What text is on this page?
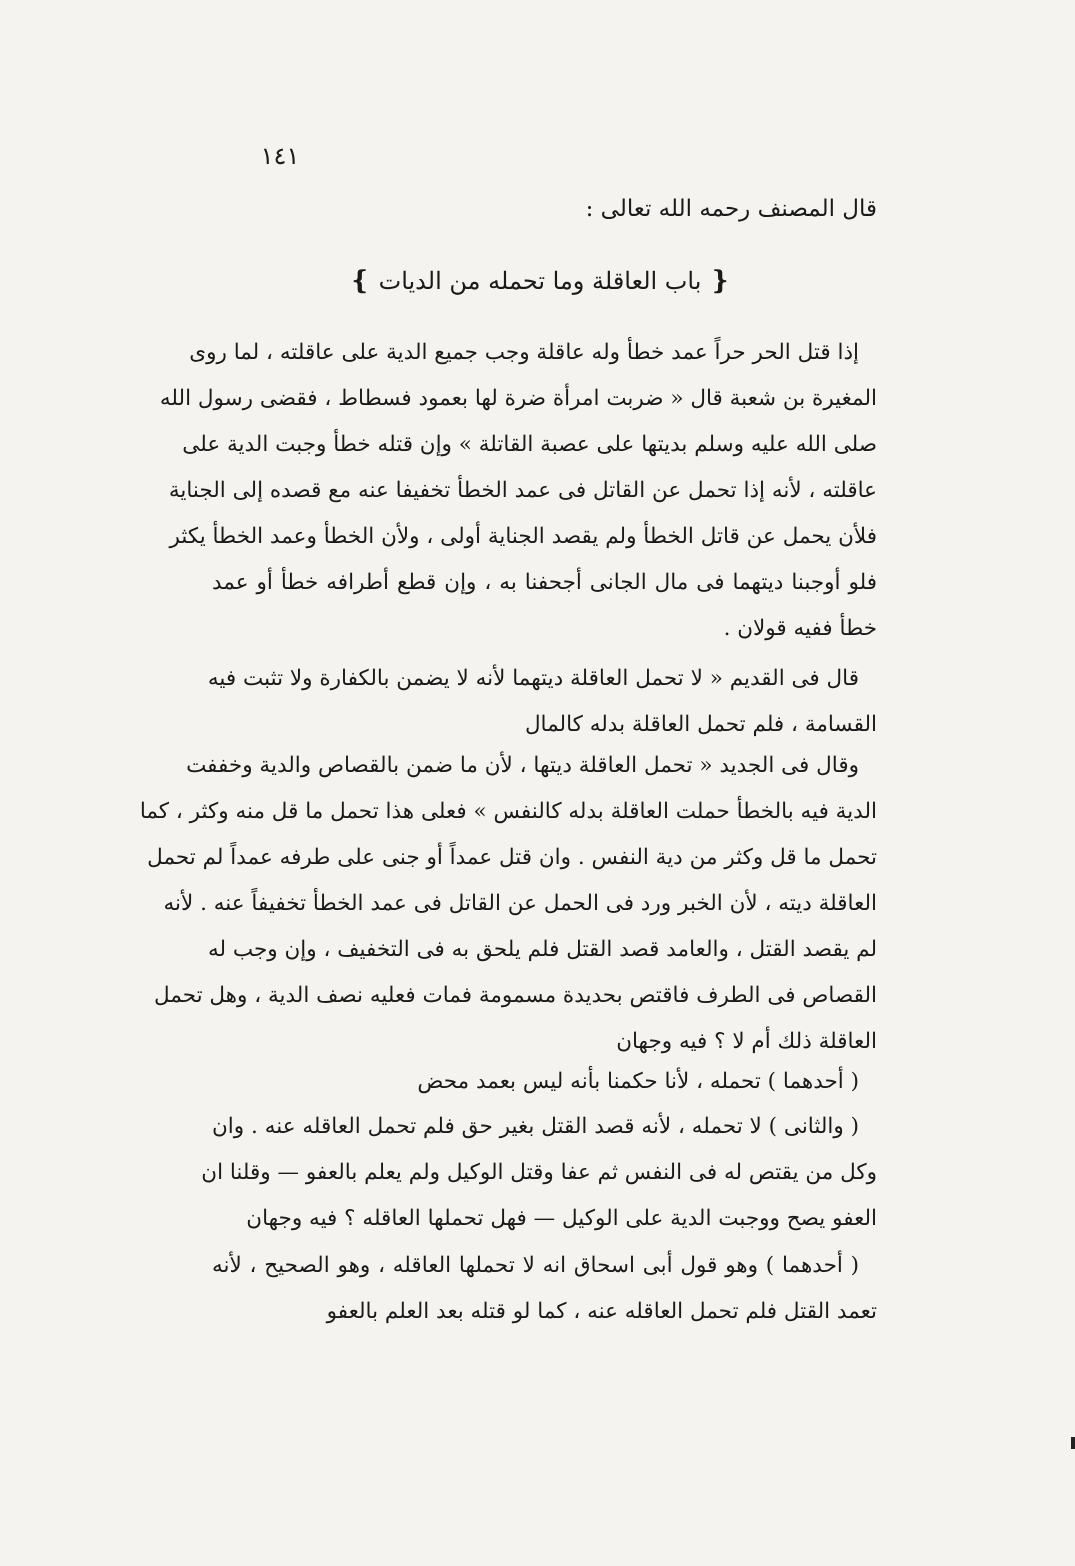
١٤١
قال المصنف رحمه الله تعالى :
❴ باب العاقلة وما تحمله من الديات ❵
إذا قتل الحر حراً عمد خطأ وله عاقلة وجب جميع الدية على عاقلته ، لما روى
المغيرة بن شعبة قال « ضربت امرأة ضرة لها بعمود فسطاط ، فقضى رسول الله
صلى الله عليه وسلم بديتها على عصبة القاتلة » وإن قتله خطأ وجبت الدية على
عاقلته ، لأنه إذا تحمل عن القاتل فى عمد الخطأ تخفيفا عنه مع قصده إلى الجناية
فلأن يحمل عن قاتل الخطأ ولم يقصد الجناية أولى ، ولأن الخطأ وعمد الخطأ يكثر
فلو أوجبنا ديتهما فى مال الجانى أجحفنا به ، وإن قطع أطرافه خطأ أو عمد
خطأ ففيه قولان .
قال فى القديم « لا تحمل العاقلة ديتهما لأنه لا يضمن بالكفارة ولا تثبت فيه
القسامة ، فلم تحمل العاقلة بدله كالمال
وقال فى الجديد « تحمل العاقلة ديتها ، لأن ما ضمن بالقصاص والدية وخففت
الدية فيه بالخطأ حملت العاقلة بدله كالنفس » فعلى هذا تحمل ما قل منه وكثر ، كما
تحمل ما قل وكثر من دية النفس . وان قتل عمداً أو جنى على طرفه عمداً لم تحمل
العاقلة ديته ، لأن الخبر ورد فى الحمل عن القاتل فى عمد الخطأ تخفيفاً عنه . لأنه
لم يقصد القتل ، والعامد قصد القتل فلم يلحق به فى التخفيف ، وإن وجب له
القصاص فى الطرف فاقتص بحديدة مسمومة فمات فعليه نصف الدية ، وهل تحمل
العاقلة ذلك أم لا ؟ فيه وجهان
( أحدهما ) تحمله ، لأنا حكمنا بأنه ليس بعمد محض
( والثانى ) لا تحمله ، لأنه قصد القتل بغير حق فلم تحمل العاقله عنه . وان
وكل من يقتص له فى النفس ثم عفا وقتل الوكيل ولم يعلم بالعفو — وقلنا ان
العفو يصح ووجبت الدية على الوكيل — فهل تحملها العاقله ؟ فيه وجهان
( أحدهما ) وهو قول أبى اسحاق انه لا تحملها العاقله ، وهو الصحيح ، لأنه
تعمد القتل فلم تحمل العاقله عنه ، كما لو قتله بعد العلم بالعفو
